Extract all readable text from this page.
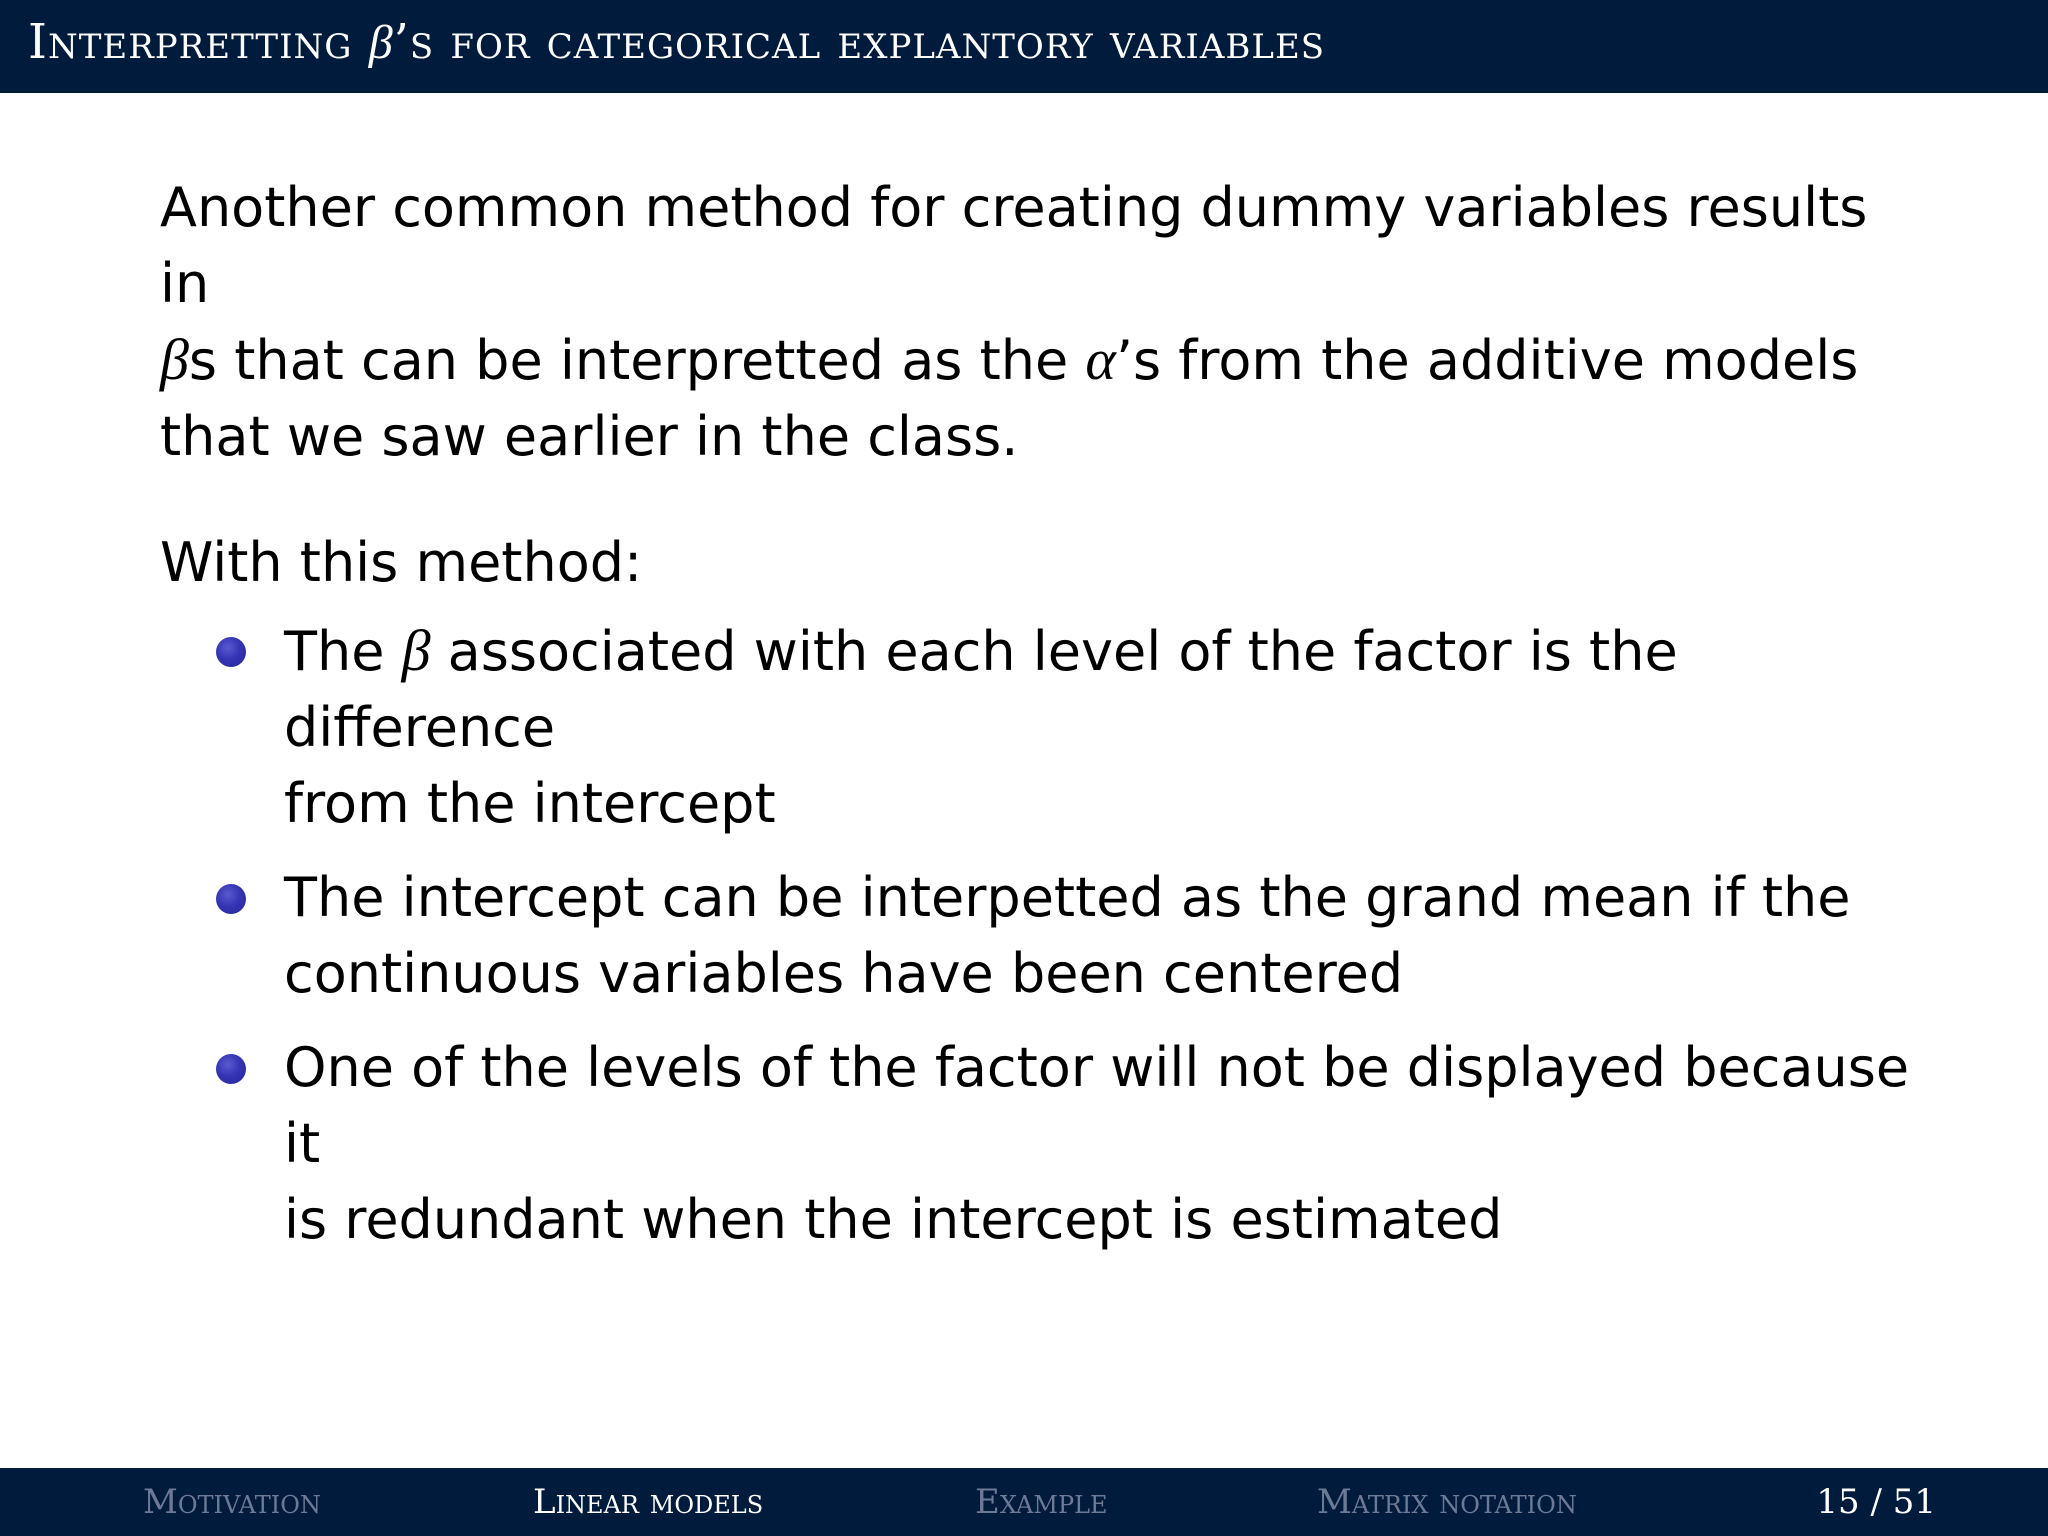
Interpretting β’s for categorical explantory variables

Another common method for creating dummy variables results in
βs that can be interpretted as the α’s from the additive models
that we saw earlier in the class.

With this method:

The β associated with each level of the factor is the difference
from the intercept
The intercept can be interpetted as the grand mean if the
continuous variables have been centered
One of the levels of the factor will not be displayed because it
is redundant when the intercept is estimated
Motivation	Linear models	Example	Matrix notation	15 / 51
